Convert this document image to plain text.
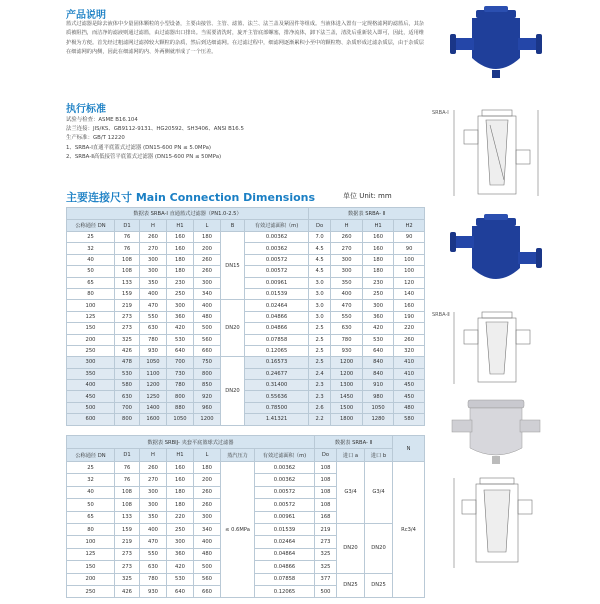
产品说明
篮式过滤器是除去液体中少量固体颗粒的小型设备，主要由接管、主管、滤篮、法兰、法兰盖及紧固件等组成。当液体进入置有一定规格滤网的滤篮后，其杂质被阻挡，而洁净的滤液则通过滤篮，由过滤器出口排出。当需要清洗时，旋开主管底部螺塞，排净流体，卸下法兰盖，清洗后重新装入即可，因此，适用维护极为方便。首先经过粗滤网过滤掉较大颗粒的杂质，然后到达细滤网。在过滤过程中，细滤网逐渐累积小至中的颗粒物、杂质形成过滤杂质层，由于杂质层在细滤网的内侧，因此在细滤网的内、外两侧就形成了一个压差。
执行标准
试验与检查：ASME B16.104
法兰连接：JIS/KS、GB9112-9131、HG20592、SH3406、ANSI B16.5
生产标准：GB/T 12220
1、SRBA-Ⅰ直通平底篮式过滤器 (DN15-600 PN ≤ 5.0MPa)
2、SRBA-Ⅱ高低接管平底篮式过滤器 (DN15-600 PN ≤ 50MPa)
主要连接尺寸 Main Connection Dimensions	单位 Unit: mm
数据表 SRBA-I 直通篮式过滤器（PN1.0-2.5）							数据表 SRBA- Ⅱ			
公称通径 DN	D1	H	H1	L	B	有效过滤面积（m)	Do	H	H1	H2
25	76	260	160	180	DN15	0.00362	7.0	260	160	90
32	76	270	160	200		0.00362	4.5	270	160	90
40	108	300	180	260		0.00572	4.5	300	180	100
50	108	300	180	260		0.00572	4.5	300	180	100
65	133	350	230	300		0.00961	3.0	350	230	120
80	159	400	250	340		0.01539	3.0	400	250	140
100	219	470	300	400	DN20	0.02464	3.0	470	300	160
125	273	550	360	480		0.04866	3.0	550	360	190
150	273	630	420	500		0.04866	2.5	630	420	220
200	325	780	530	560		0.07858	2.5	780	530	260
250	426	930	640	660		0.12065	2.5	930	640	320
300	478	1050	700	750	DN20	0.16573	2.5	1200	840	410
350	530	1100	730	800		0.24677	2.4	1200	840	410
400	580	1200	780	850		0.31400	2.3	1300	910	450
450	630	1250	800	920		0.55636	2.3	1450	980	450
500	700	1400	880	960		0.78500	2.6	1500	1050	480
600	800	1600	1050	1200		1.41321	2.2	1800	1280	580
数据表 SRBIJ- 夹套平底篮球式过滤器							数据表 SRBA- Ⅱ			N
公称通径 DN	D1	H	H1	L	蒸汽压力	有效过滤面积（m)	Do	进口 a	进口 b	
25	76	260	160	180	≤ 0.6MPa	0.00362	108	G3/4	G3/4	Rc3/4
32	76	270	160	200		0.00362	108			
40	108	300	180	260		0.00572	108			
50	108	300	180	260		0.00572	108			
65	133	350	220	300		0.00961	168			
80	159	400	250	340		0.01539	219	DN20	DN20	
100	219	470	300	400		0.02464	273			
125	273	550	360	480		0.04864	325			
150	273	630	420	500		0.04866	325			
200	325	780	530	560		0.07858	377	DN25	DN25	
250	426	930	640	660		0.12065	500			
SRBA-Ⅰ
SRBA-Ⅱ
